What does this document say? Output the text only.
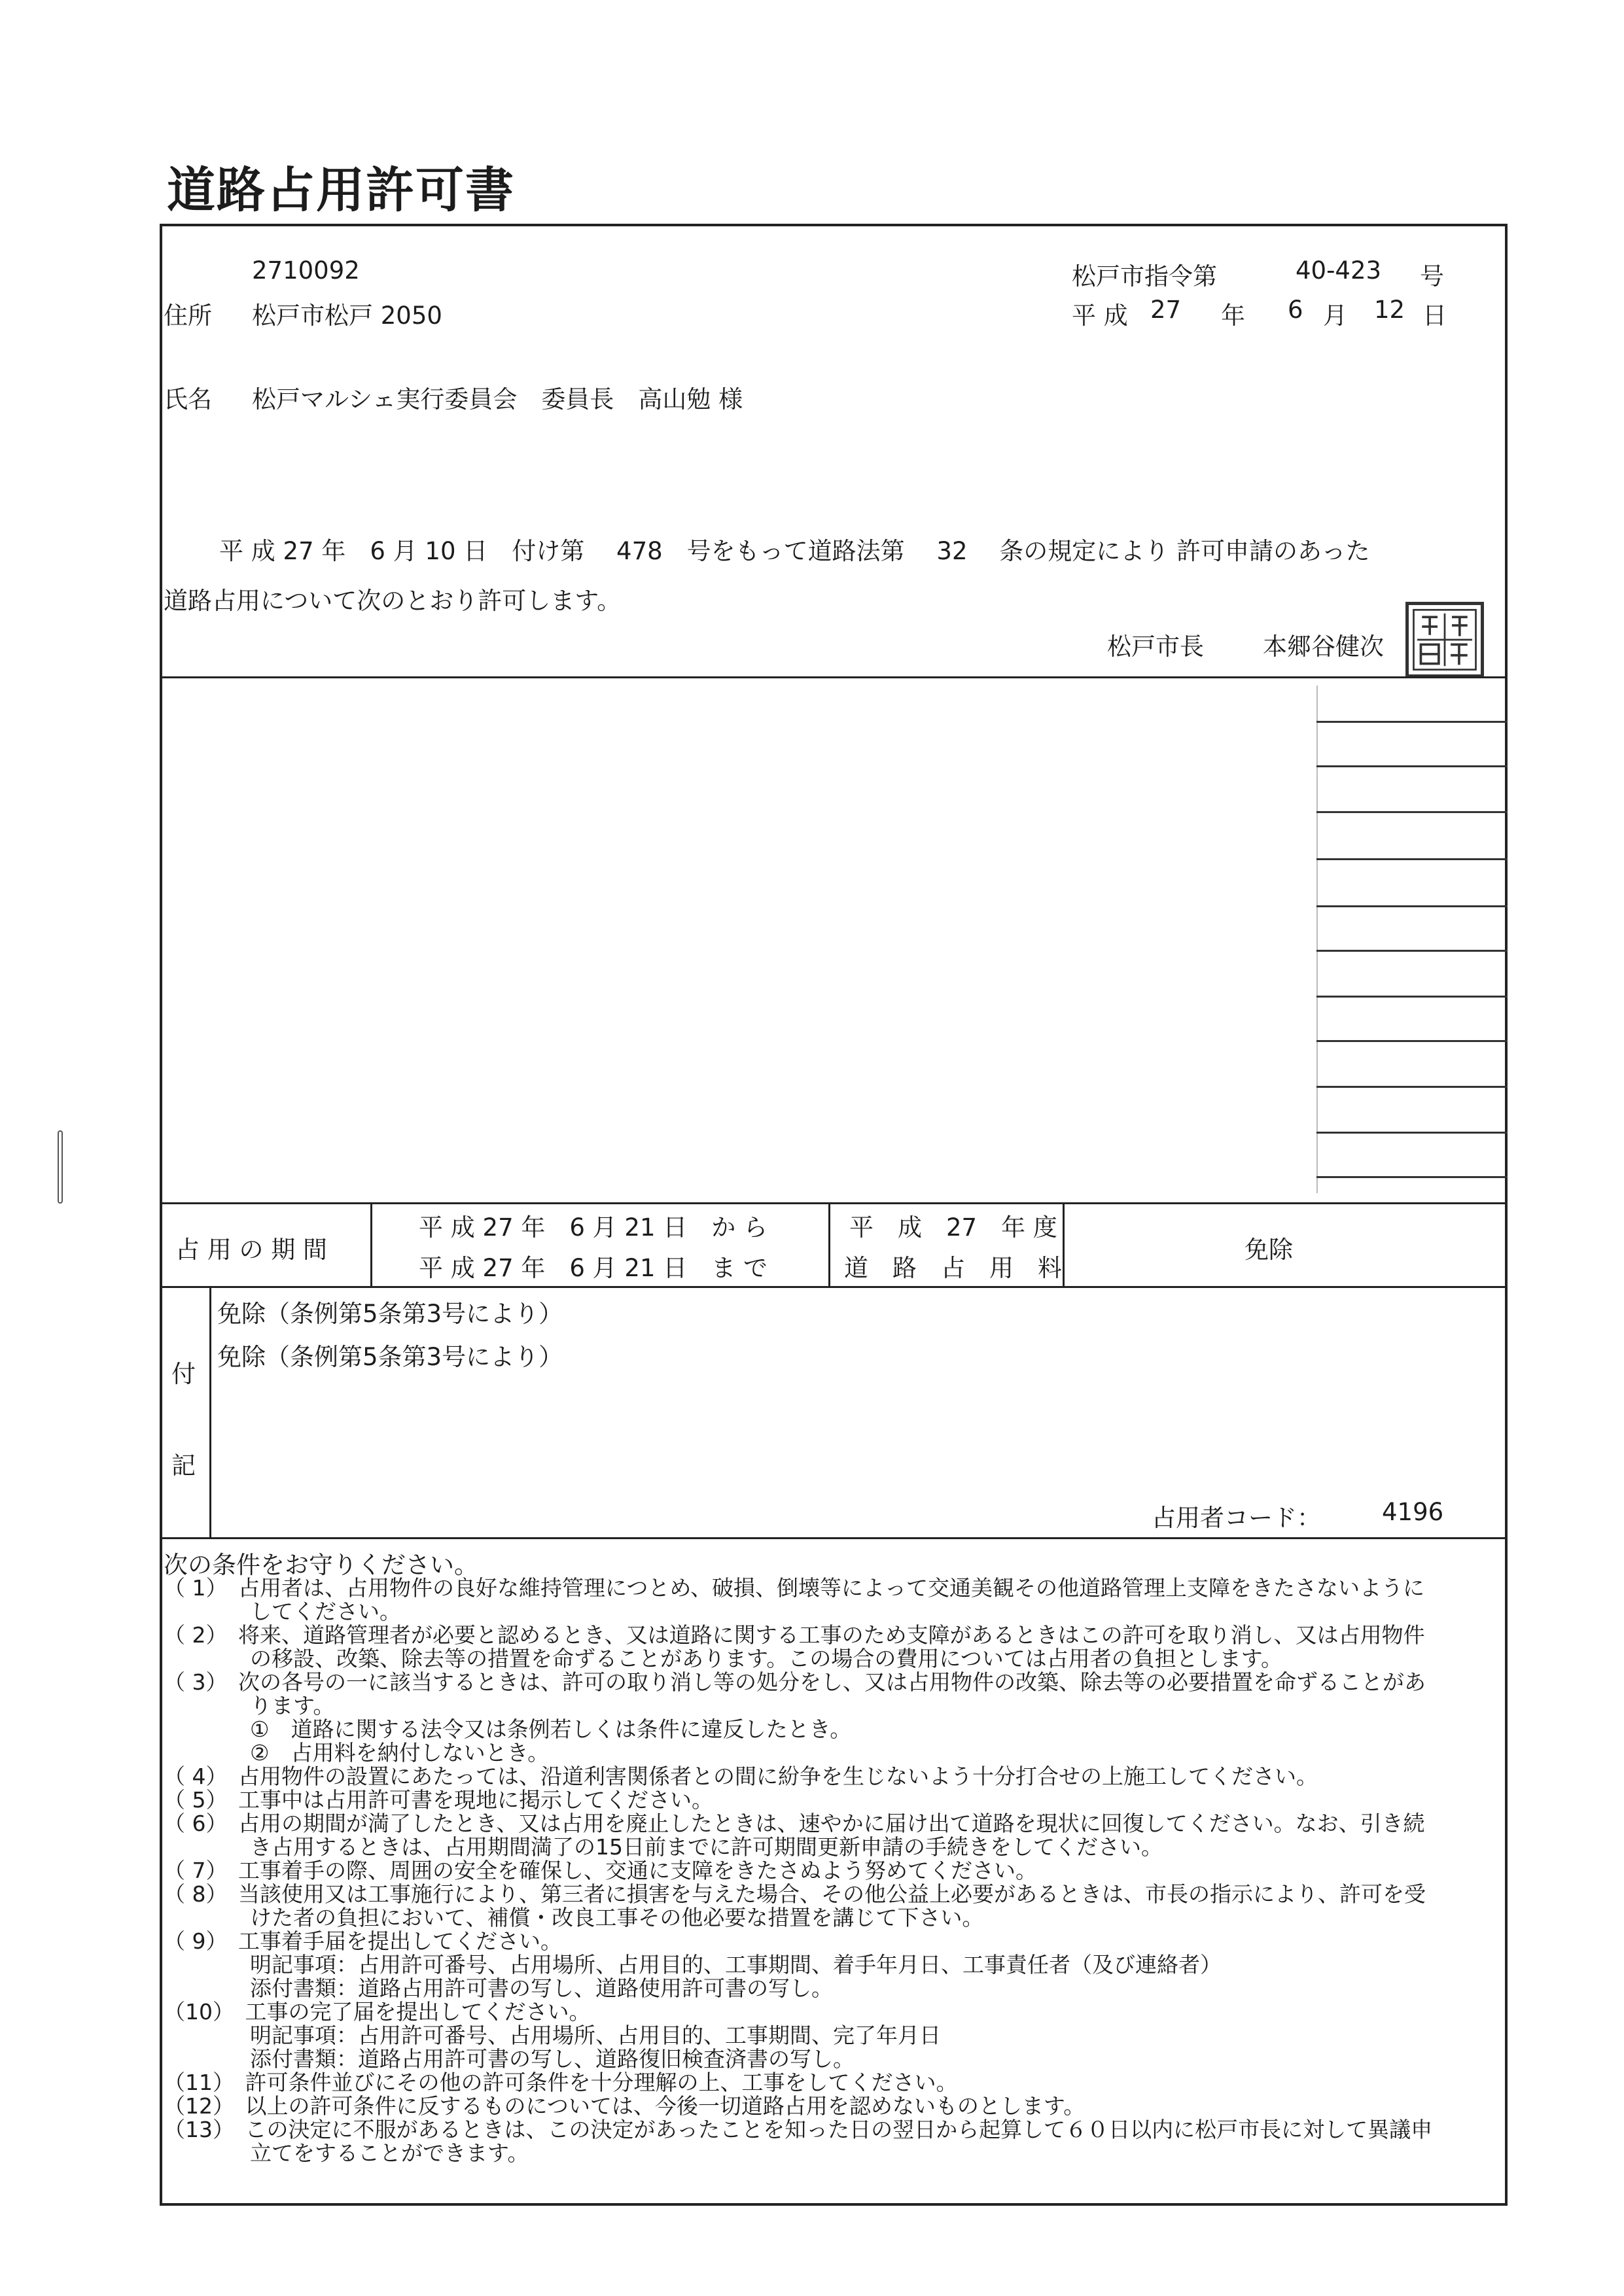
道路占用許可書
2710092
住所 松戸市松戸 2050
松戸市指令第	40-423 号
平 成 27 年 6 月 12 日
氏名 松戸マルシェ実行委員会　委員長　高山勉 様
平 成 27 年　6 月 10 日　付け第　 478　号をもって道路法第　 32　 条の規定により 許可申請のあった
道路占用について次のとおり許可します。
松戸市長 本郷谷健次
占 用 の 期 間
平 成 27 年　6 月 21 日　か ら
平 成 27 年　6 月 21 日　ま で
平　成　27　年 度
道　路　占　用　料
免除
付
記
免除（条例第5条第3号により）
免除（条例第5条第3号により）
占用者コード：	4196
次の条件をお守りください。
（ 1）　占用者は、占用物件の良好な維持管理につとめ、破損、倒壊等によって交通美観その他道路管理上支障をきたさないように
　　　　してください。
（ 2）　将来、道路管理者が必要と認めるとき、又は道路に関する工事のため支障があるときはこの許可を取り消し、又は占用物件
　　　　の移設、改築、除去等の措置を命ずることがあります。この場合の費用については占用者の負担とします。
（ 3）　次の各号の一に該当するときは、許可の取り消し等の処分をし、又は占用物件の改築、除去等の必要措置を命ずることがあ
　　　　ります。
　　　　①　道路に関する法令又は条例若しくは条件に違反したとき。
　　　　②　占用料を納付しないとき。
（ 4）　占用物件の設置にあたっては、沿道利害関係者との間に紛争を生じないよう十分打合せの上施工してください。
（ 5）　工事中は占用許可書を現地に掲示してください。
（ 6）　占用の期間が満了したとき、又は占用を廃止したときは、速やかに届け出て道路を現状に回復してください。なお、引き続
　　　　き占用するときは、占用期間満了の15日前までに許可期間更新申請の手続きをしてください。
（ 7）　工事着手の際、周囲の安全を確保し、交通に支障をきたさぬよう努めてください。
（ 8）　当該使用又は工事施行により、第三者に損害を与えた場合、その他公益上必要があるときは、市長の指示により、許可を受
　　　　けた者の負担において、補償・改良工事その他必要な措置を講じて下さい。
（ 9）　工事着手届を提出してください。
　　　　明記事項：占用許可番号、占用場所、占用目的、工事期間、着手年月日、工事責任者（及び連絡者）
　　　　添付書類：道路占用許可書の写し、道路使用許可書の写し。
（10）　工事の完了届を提出してください。
　　　　明記事項：占用許可番号、占用場所、占用目的、工事期間、完了年月日
　　　　添付書類：道路占用許可書の写し、道路復旧検査済書の写し。
（11）　許可条件並びにその他の許可条件を十分理解の上、工事をしてください。
（12）　以上の許可条件に反するものについては、今後一切道路占用を認めないものとします。
（13）　この決定に不服があるときは、この決定があったことを知った日の翌日から起算して６０日以内に松戸市長に対して異議申
　　　　立てをすることができます。
